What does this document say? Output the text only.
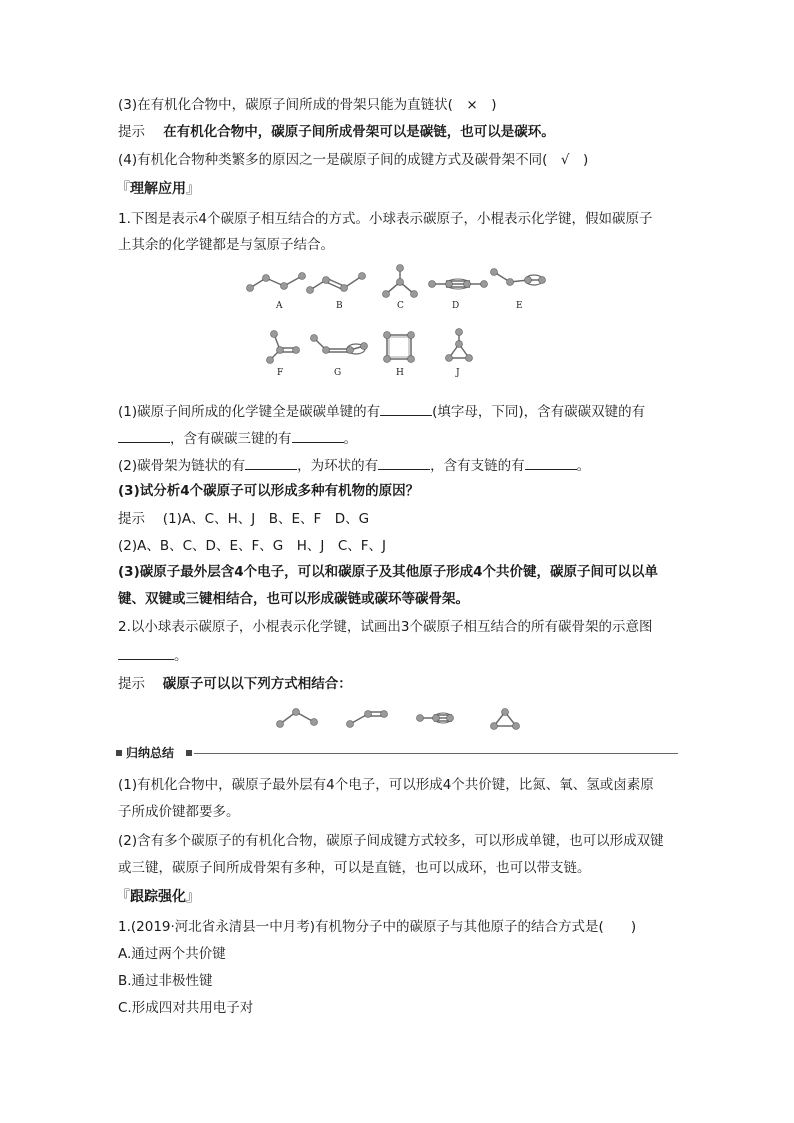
(3)在有机化合物中，碳原子间所成的骨架只能为直链状(　×　)
提示　 在有机化合物中，碳原子间所成骨架可以是碳链，也可以是碳环。
(4)有机化合物种类繁多的原因之一是碳原子间的成键方式及碳骨架不同(　√　)
『理解应用』
1.下图是表示4个碳原子相互结合的方式。小球表示碳原子，小棍表示化学键，假如碳原子
上其余的化学键都是与氢原子结合。
A	B	C	D	E
F	G	H	J
(1)碳原子间所成的化学键全是碳碳单键的有	(填字母，下同)，含有碳碳双键的有
，含有碳碳三键的有	。
(2)碳骨架为链状的有	，为环状的有	，含有支链的有	。
(3)试分析4个碳原子可以形成多种有机物的原因？
提示　 (1)A、C、H、J　B、E、F　D、G
(2)A、B、C、D、E、F、G　H、J　C、F、J
(3)碳原子最外层含4个电子，可以和碳原子及其他原子形成4个共价键，碳原子间可以以单
键、双键或三键相结合，也可以形成碳链或碳环等碳骨架。
2.以小球表示碳原子，小棍表示化学键，试画出3个碳原子相互结合的所有碳骨架的示意图
。
提示　 碳原子可以以下列方式相结合：
归纳总结
(1)有机化合物中，碳原子最外层有4个电子，可以形成4个共价键，比氮、氧、氢或卤素原
子所成价键都要多。
(2)含有多个碳原子的有机化合物，碳原子间成键方式较多，可以形成单键，也可以形成双键
或三键，碳原子间所成骨架有多种，可以是直链，也可以成环，也可以带支链。
『跟踪强化』
1.(2019·河北省永清县一中月考)有机物分子中的碳原子与其他原子的结合方式是(　　)
A.通过两个共价键
B.通过非极性键
C.形成四对共用电子对
